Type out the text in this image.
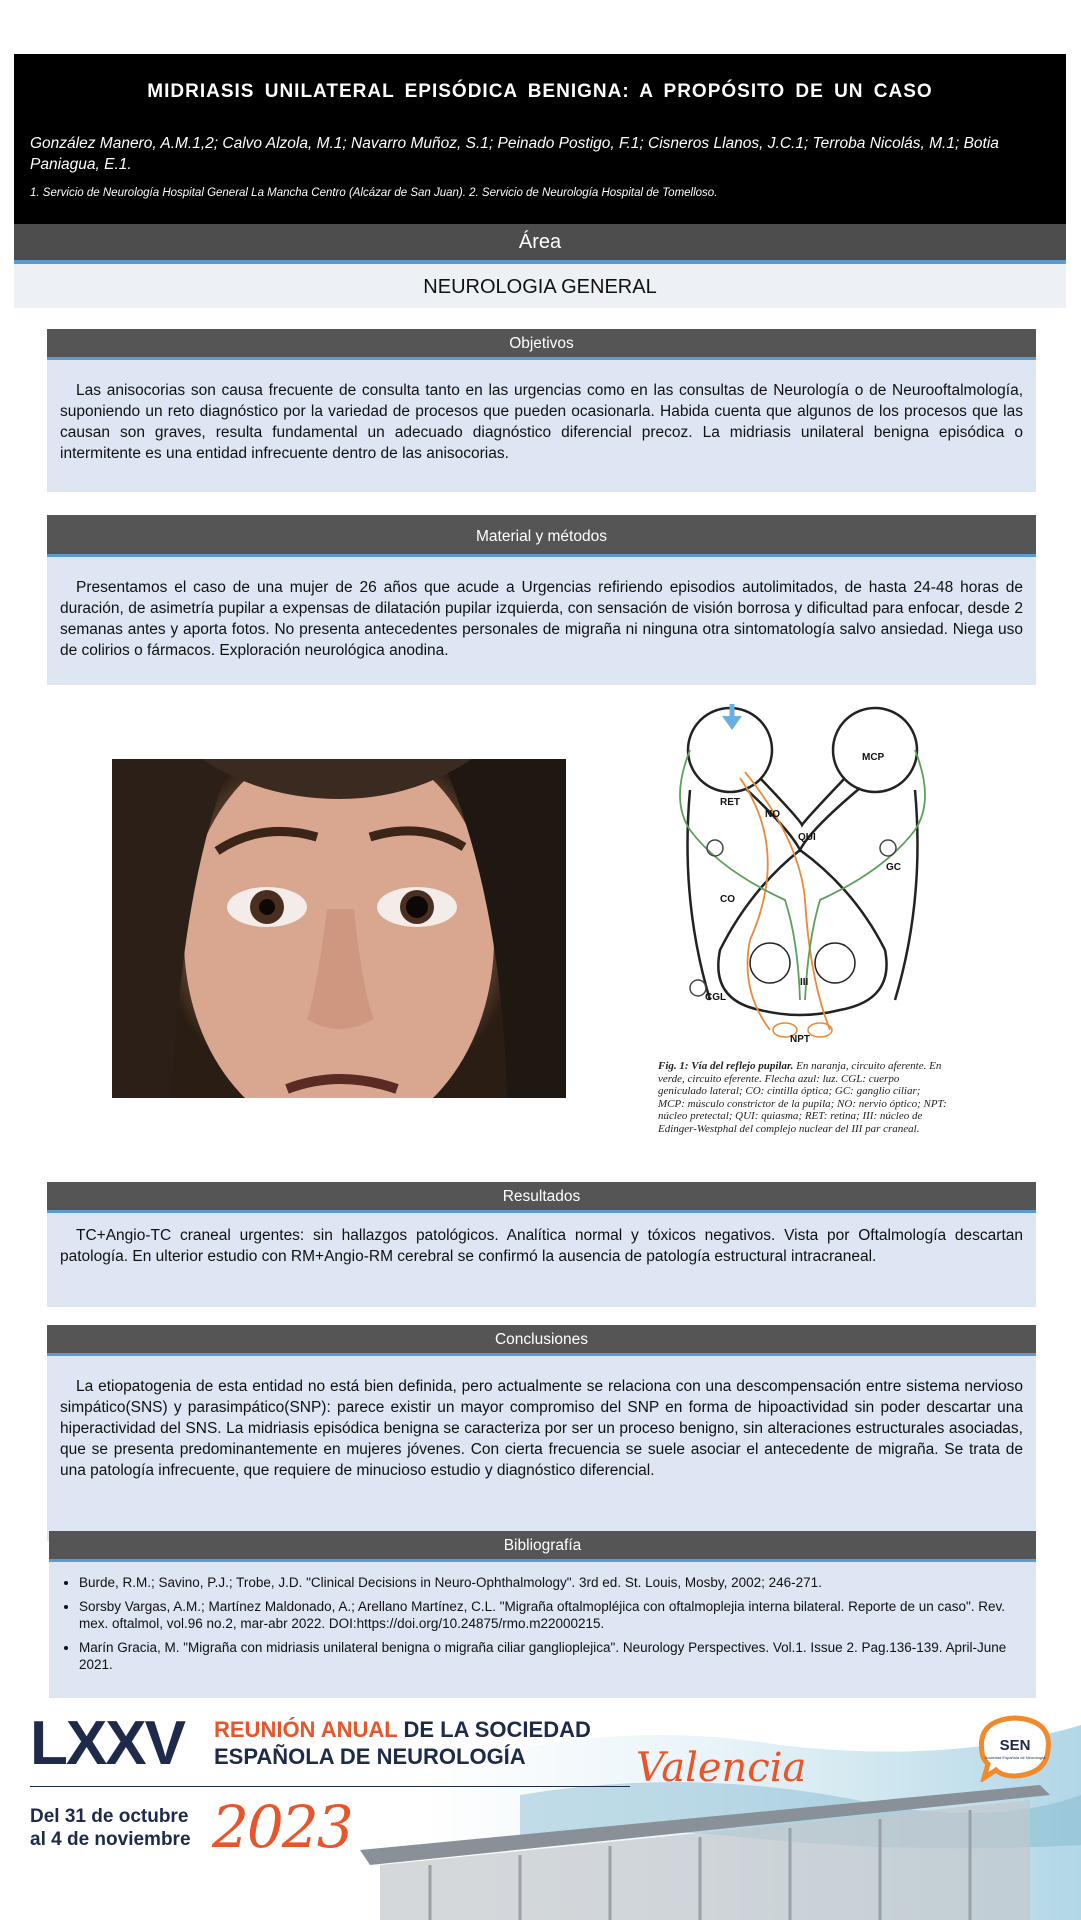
MIDRIASIS UNILATERAL EPISÓDICA BENIGNA: A PROPÓSITO DE UN CASO
González Manero, A.M.1,2; Calvo Alzola, M.1; Navarro Muñoz, S.1; Peinado Postigo, F.1; Cisneros Llanos, J.C.1; Terroba Nicolás, M.1; Botia Paniagua, E.1.
1. Servicio de Neurología Hospital General La Mancha Centro (Alcázar de San Juan). 2. Servicio de Neurología Hospital de Tomelloso.
Área
NEUROLOGIA GENERAL
Objetivos

Las anisocorias son causa frecuente de consulta tanto en las urgencias como en las consultas de Neurología o de Neurooftalmología, suponiendo un reto diagnóstico por la variedad de procesos que pueden ocasionarla. Habida cuenta que algunos de los procesos que las causan son graves, resulta fundamental un adecuado diagnóstico diferencial precoz. La midriasis unilateral benigna episódica o intermitente es una entidad infrecuente dentro de las anisocorias.

Material y métodos

Presentamos el caso de una mujer de 26 años que acude a Urgencias refiriendo episodios autolimitados, de hasta 24-48 horas de duración, de asimetría pupilar a expensas de dilatación pupilar izquierda, con sensación de visión borrosa y dificultad para enfocar, desde 2 semanas antes y aporta fotos. No presenta antecedentes personales de migraña ni ninguna otra sintomatología salvo ansiedad. Niega uso de colirios o fármacos. Exploración neurológica anodina.

MCP
RET
NO
QUI
GC
CO
CGL
III
NPT
Fig. 1: Vía del reflejo pupilar. En naranja, circuito aferente. En verde, circuito eferente. Flecha azul: luz. CGL: cuerpo geniculado lateral; CO: cintilla óptica; GC: ganglio ciliar; MCP: músculo constrictor de la pupila; NO: nervio óptico; NPT: núcleo pretectal; QUI: quiasma; RET: retina; III: núcleo de Edinger-Westphal del complejo nuclear del III par craneal.
Resultados

TC+Angio-TC craneal urgentes: sin hallazgos patológicos. Analítica normal y tóxicos negativos. Vista por Oftalmología descartan patología. En ulterior estudio con RM+Angio-RM cerebral se confirmó la ausencia de patología estructural intracraneal.

Conclusiones

La etiopatogenia de esta entidad no está bien definida, pero actualmente se relaciona con una descompensación entre sistema nervioso simpático(SNS) y parasimpático(SNP): parece existir un mayor compromiso del SNP en forma de hipoactividad sin poder descartar una hiperactividad del SNS. La midriasis episódica benigna se caracteriza por ser un proceso benigno, sin alteraciones estructurales asociadas, que se presenta predominantemente en mujeres jóvenes. Con cierta frecuencia se suele asociar el antecedente de migraña. Se trata de una patología infrecuente, que requiere de minucioso estudio y diagnóstico diferencial.

Bibliografía
• Burde, R.M.; Savino, P.J.; Trobe, J.D. "Clinical Decisions in Neuro-Ophthalmology". 3rd ed. St. Louis, Mosby, 2002; 246-271.
• Sorsby Vargas, A.M.; Martínez Maldonado, A.; Arellano Martínez, C.L. "Migraña oftalmopléjica con oftalmoplejia interna bilateral. Reporte de un caso". Rev. mex. oftalmol, vol.96 no.2, mar-abr 2022. DOI:https://doi.org/10.24875/rmo.m22000215.
• Marín Gracia, M. "Migraña con midriasis unilateral benigna o migraña ciliar ganglioplejica". Neurology Perspectives. Vol.1. Issue 2. Pag.136-139. April-June 2021.
LXXV REUNIÓN ANUAL DE LA SOCIEDAD
ESPAÑOLA DE NEUROLOGÍA
Del 31 de octubre
al 4 de noviembre 2023
Valencia	SEN
Sociedad Española de Neurología
